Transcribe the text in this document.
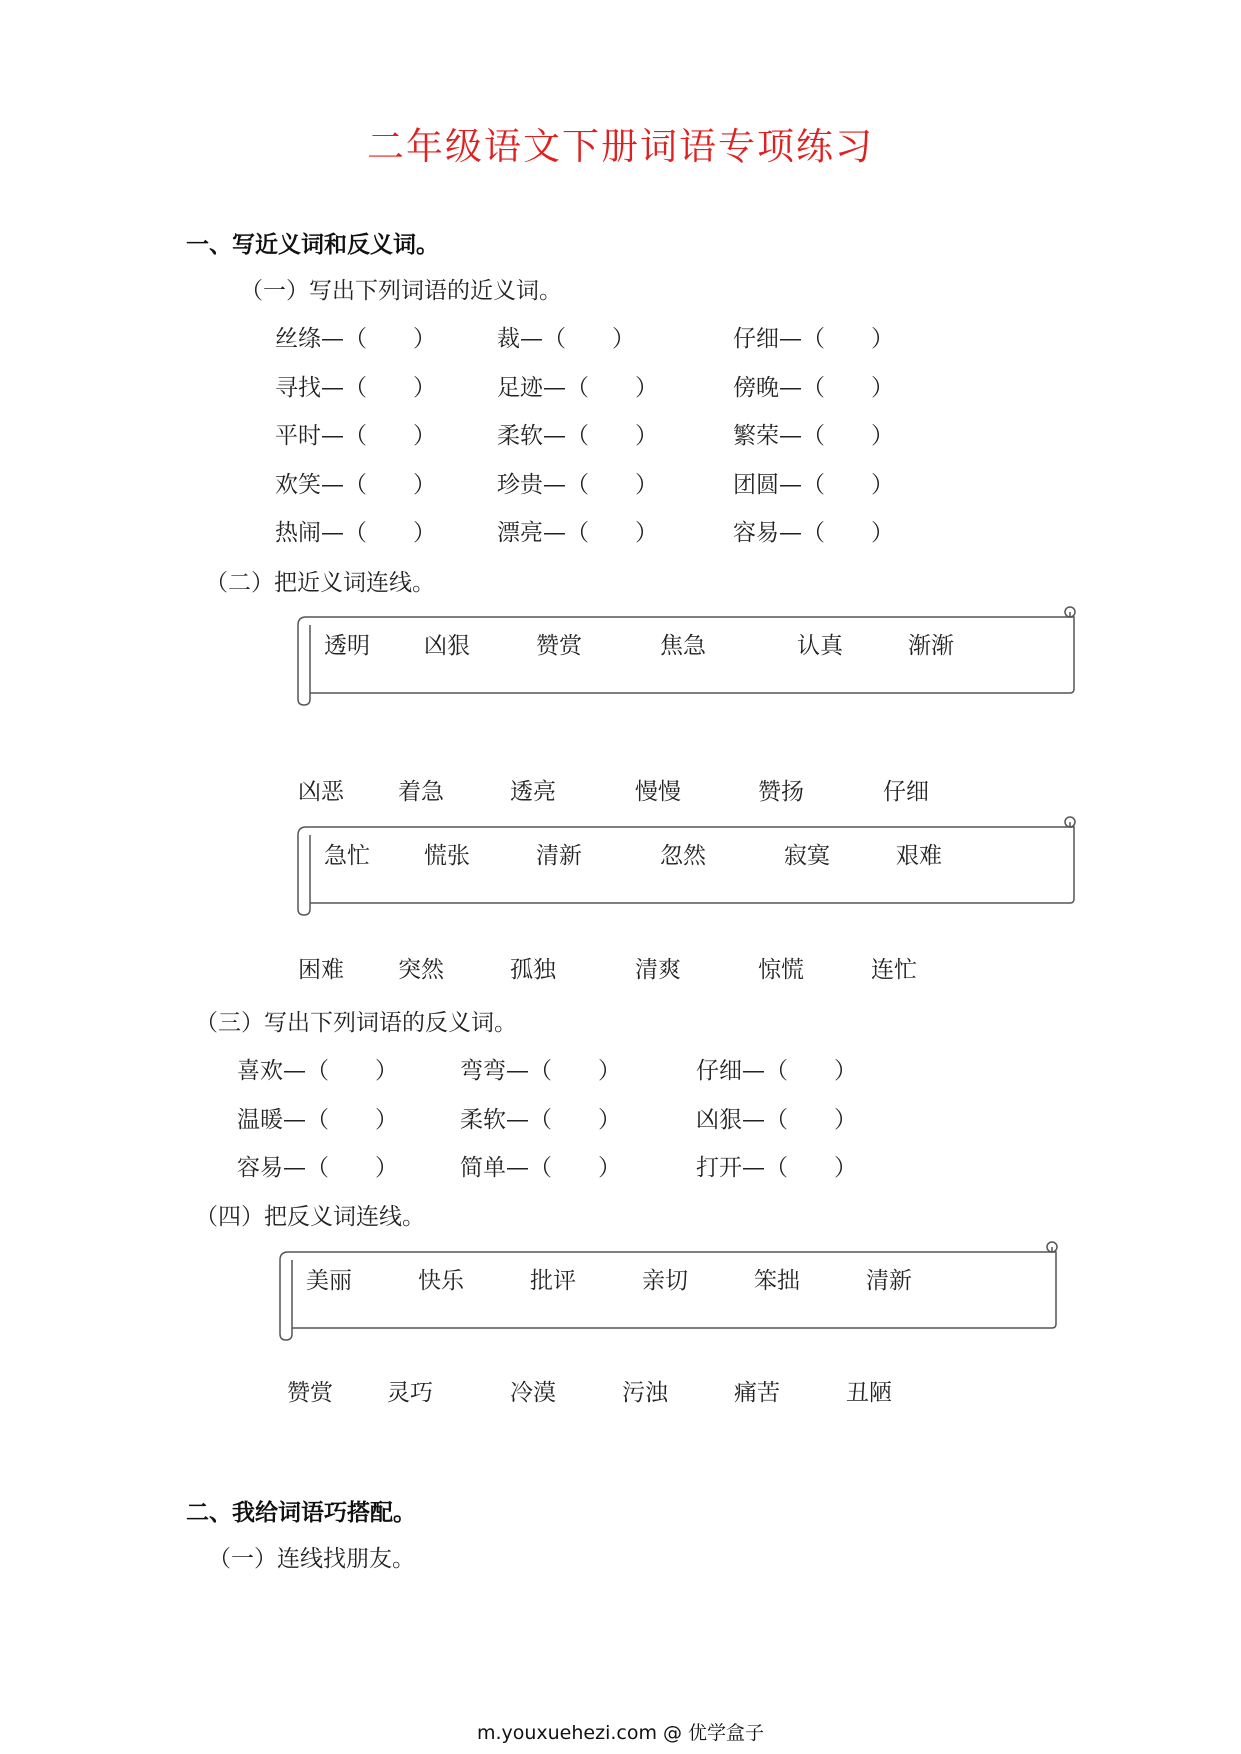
二年级语文下册词语专项练习
一、写近义词和反义词。
（一）写出下列词语的近义词。
丝绦—（　　）	裁—（　　）	仔细—（　　）
寻找—（　　）	足迹—（　　）	傍晚—（　　）
平时—（　　）	柔软—（　　）	繁荣—（　　）
欢笑—（　　）	珍贵—（　　）	团圆—（　　）
热闹—（　　）	漂亮—（　　）	容易—（　　）
（二）把近义词连线。
透明 凶狠	赞赏	焦急	认真	渐渐
凶恶 着急	透亮	慢慢	赞扬	仔细
急忙 慌张	清新	忽然	寂寞	艰难
困难 突然	孤独	清爽	惊慌	连忙
（三）写出下列词语的反义词。
喜欢—（　　）	弯弯—（　　）	仔细—（　　）
温暖—（　　）	柔软—（　　）	凶狠—（　　）
容易—（　　）	简单—（　　）	打开—（　　）
（四）把反义词连线。
美丽	快乐	批评	亲切	笨拙	清新
赞赏 灵巧	冷漠	污浊	痛苦	丑陋
二、我给词语巧搭配。
（一）连线找朋友。
m.youxuehezi.com @ 优学盒子
